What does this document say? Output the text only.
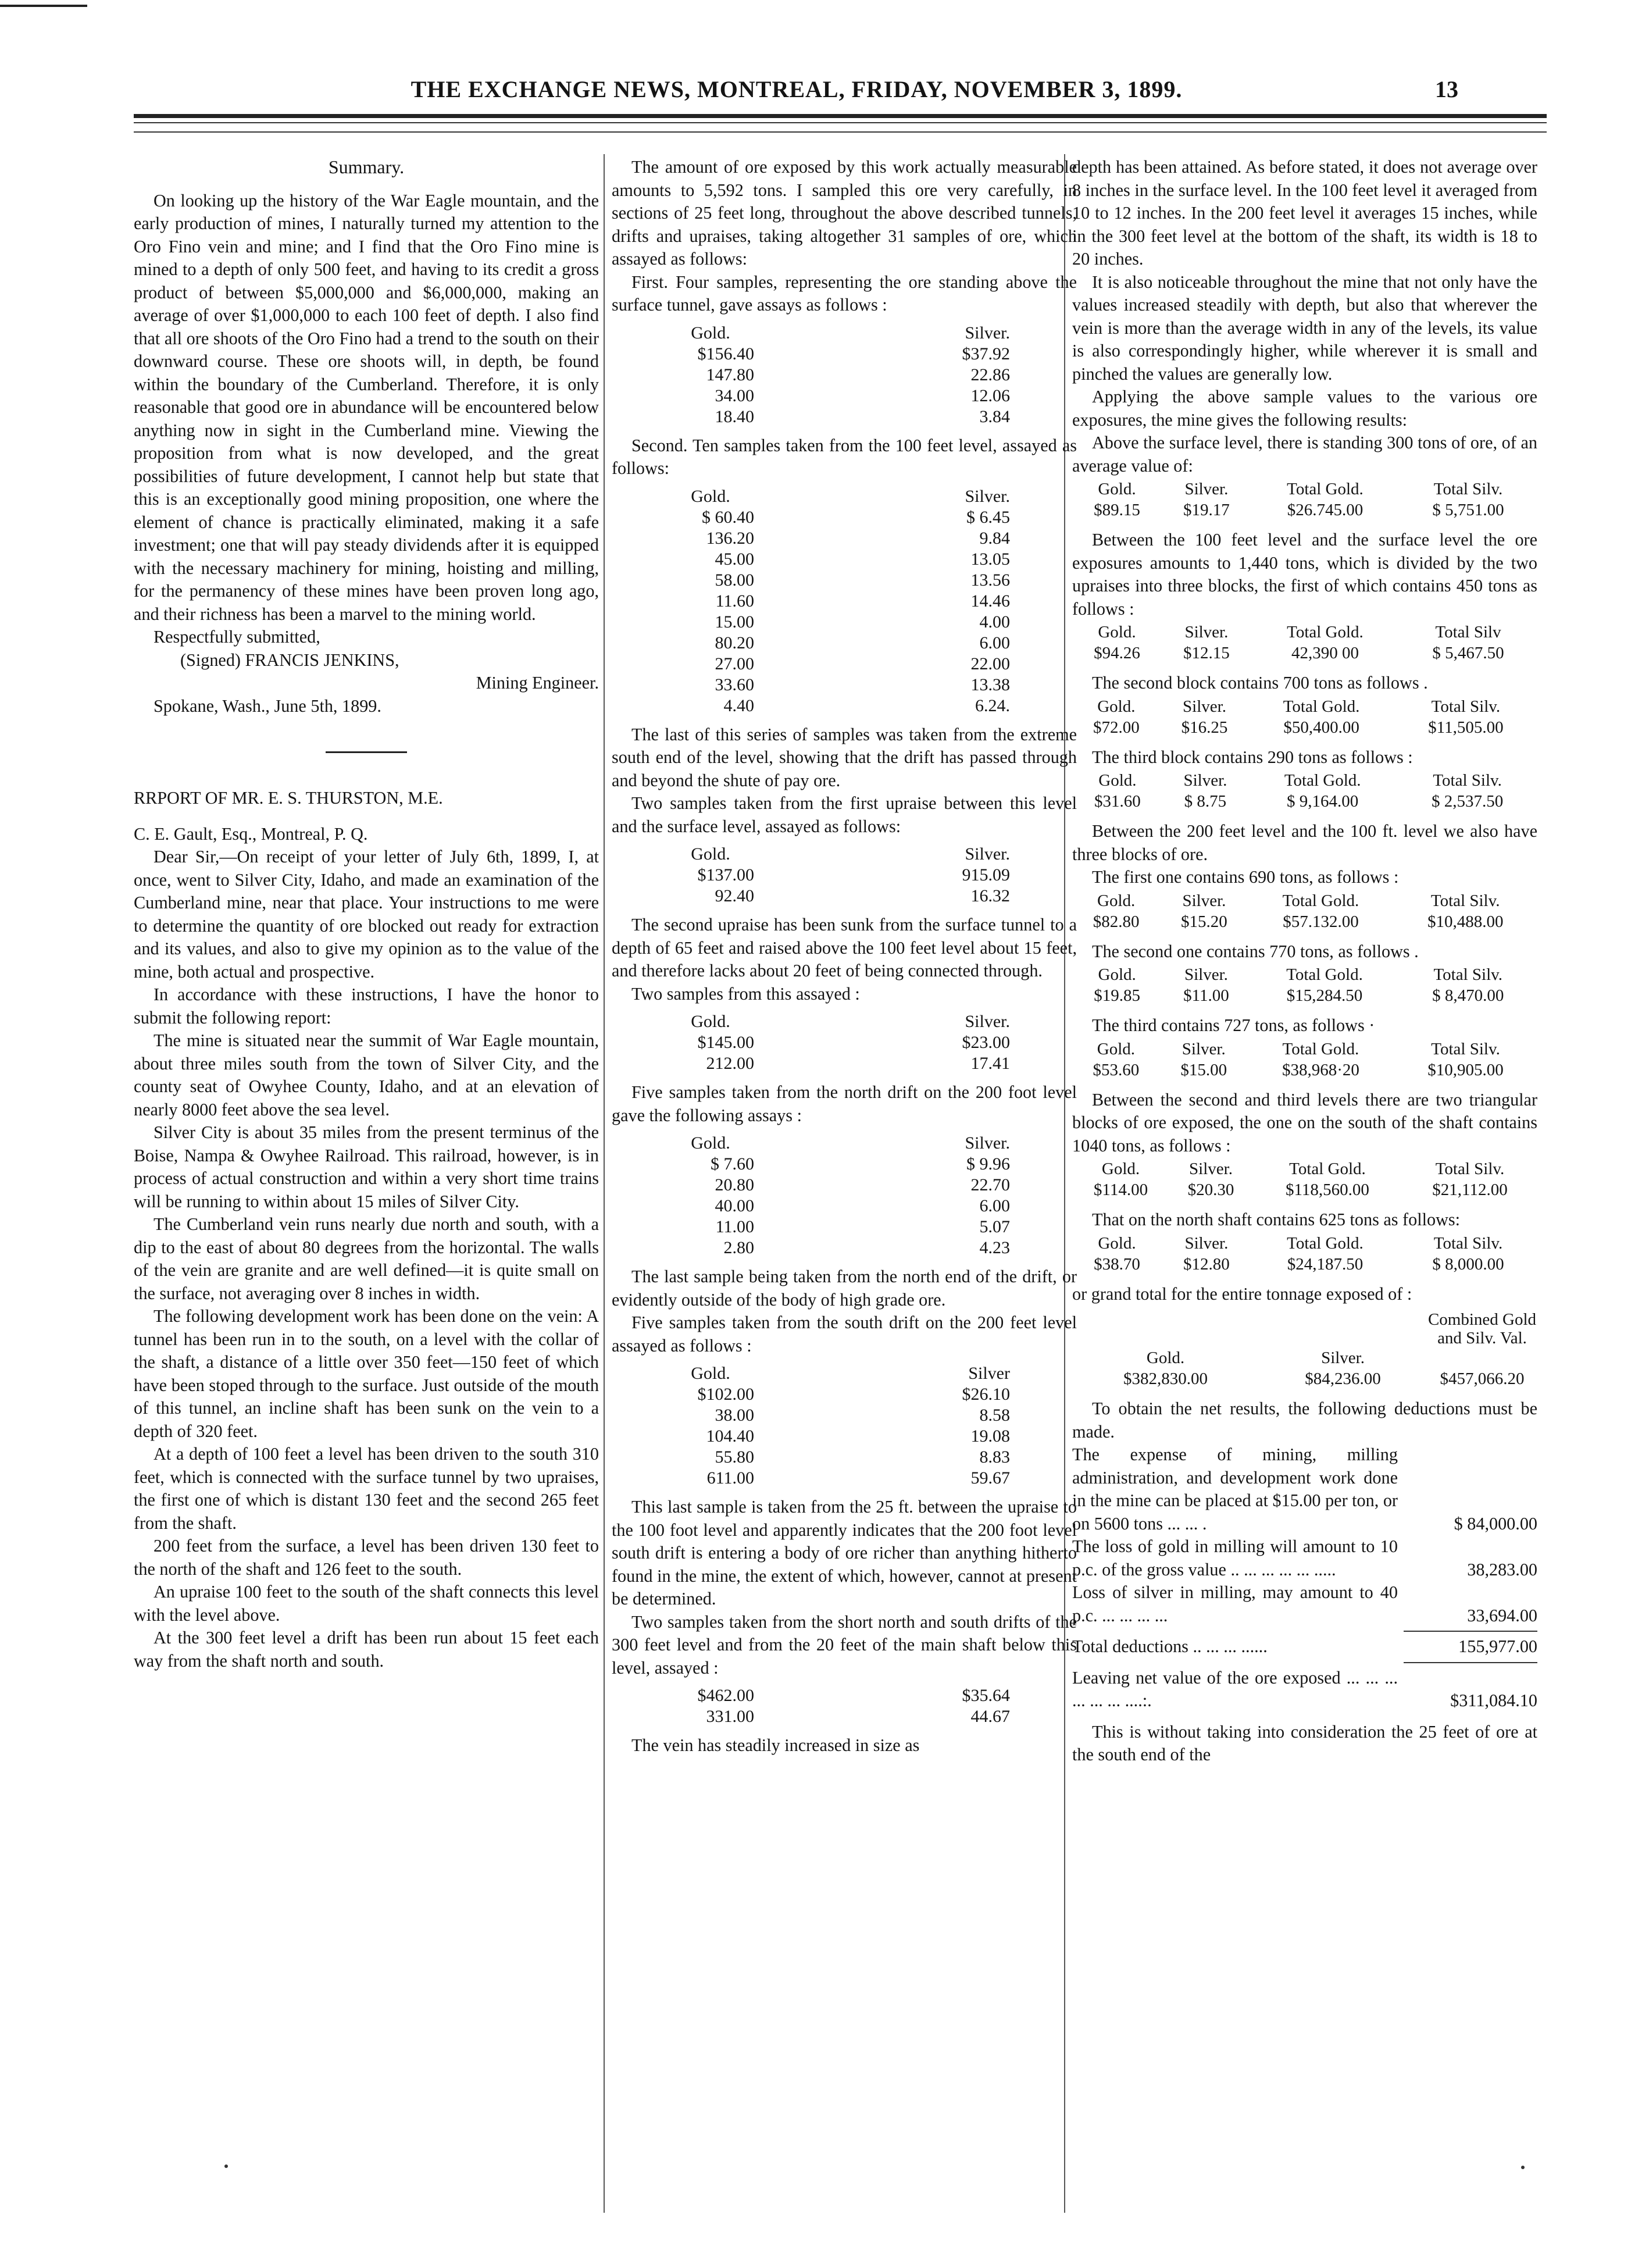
THE EXCHANGE NEWS, MONTREAL, FRIDAY, NOVEMBER 3, 1899.	13
Summary.

On looking up the history of the War Eagle mountain, and the early production of mines, I naturally turned my attention to the Oro Fino vein and mine; and I find that the Oro Fino mine is mined to a depth of only 500 feet, and having to its credit a gross product of between $5,000,000 and $6,000,000, making an average of over $1,000,000 to each 100 feet of depth. I also find that all ore shoots of the Oro Fino had a trend to the south on their downward course. These ore shoots will, in depth, be found within the boundary of the Cumberland. Therefore, it is only reasonable that good ore in abundance will be encountered below anything now in sight in the Cumberland mine. Viewing the proposition from what is now developed, and the great possibilities of future development, I cannot help but state that this is an exceptionally good mining proposition, one where the element of chance is practically eliminated, making it a safe investment; one that will pay steady dividends after it is equipped with the necessary machinery for mining, hoisting and milling, for the permanency of these mines have been proven long ago, and their richness has been a marvel to the mining world.

Respectfully submitted,

(Signed) FRANCIS JENKINS,

Mining Engineer.

Spokane, Wash., June 5th, 1899.

RRPORT OF MR. E. S. THURSTON, M.E.

C. E. Gault, Esq., Montreal, P. Q.

Dear Sir,—On receipt of your letter of July 6th, 1899, I, at once, went to Silver City, Idaho, and made an examination of the Cumberland mine, near that place. Your instructions to me were to determine the quantity of ore blocked out ready for extraction and its values, and also to give my opinion as to the value of the mine, both actual and prospective.

In accordance with these instructions, I have the honor to submit the following report:

The mine is situated near the summit of War Eagle mountain, about three miles south from the town of Silver City, and the county seat of Owyhee County, Idaho, and at an elevation of nearly 8000 feet above the sea level.

Silver City is about 35 miles from the present terminus of the Boise, Nampa & Owyhee Railroad. This railroad, however, is in process of actual construction and within a very short time trains will be running to within about 15 miles of Silver City.

The Cumberland vein runs nearly due north and south, with a dip to the east of about 80 degrees from the horizontal. The walls of the vein are granite and are well defined—it is quite small on the surface, not averaging over 8 inches in width.

The following development work has been done on the vein: A tunnel has been run in to the south, on a level with the collar of the shaft, a distance of a little over 350 feet—150 feet of which have been stoped through to the surface. Just outside of the mouth of this tunnel, an incline shaft has been sunk on the vein to a depth of 320 feet.

At a depth of 100 feet a level has been driven to the south 310 feet, which is connected with the surface tunnel by two upraises, the first one of which is distant 130 feet and the second 265 feet from the shaft.

200 feet from the surface, a level has been driven 130 feet to the north of the shaft and 126 feet to the south.

An upraise 100 feet to the south of the shaft connects this level with the level above.

At the 300 feet level a drift has been run about 15 feet each way from the shaft north and south.

The amount of ore exposed by this work actually measurable amounts to 5,592 tons. I sampled this ore very carefully, in sections of 25 feet long, throughout the above described tunnels, drifts and upraises, taking altogether 31 samples of ore, which assayed as follows:

First. Four samples, representing the ore standing above the surface tunnel, gave assays as follows :

Gold.	Silver.
$156.40	$37.92
147.80	22.86
34.00	12.06
18.40	3.84

Second. Ten samples taken from the 100 feet level, assayed as follows:

Gold.	Silver.
$ 60.40	$ 6.45
136.20	9.84
45.00	13.05
58.00	13.56
11.60	14.46
15.00	4.00
80.20	6.00
27.00	22.00
33.60	13.38
4.40	6.24.

The last of this series of samples was taken from the extreme south end of the level, showing that the drift has passed through and beyond the shute of pay ore.

Two samples taken from the first upraise between this level and the surface level, assayed as follows:

Gold.	Silver.
$137.00	915.09
92.40	16.32

The second upraise has been sunk from the surface tunnel to a depth of 65 feet and raised above the 100 feet level about 15 feet, and therefore lacks about 20 feet of being connected through.

Two samples from this assayed :

Gold.	Silver.
$145.00	$23.00
212.00	17.41

Five samples taken from the north drift on the 200 foot level gave the following assays :

Gold.	Silver.
$ 7.60	$ 9.96
20.80	22.70
40.00	6.00
11.00	5.07
2.80	4.23

The last sample being taken from the north end of the drift, or evidently outside of the body of high grade ore.

Five samples taken from the south drift on the 200 feet level assayed as follows :

Gold.	Silver
$102.00	$26.10
38.00	8.58
104.40	19.08
55.80	8.83
611.00	59.67

This last sample is taken from the 25 ft. between the upraise to the 100 foot level and apparently indicates that the 200 foot level south drift is entering a body of ore richer than anything hitherto found in the mine, the extent of which, however, cannot at present be determined.

Two samples taken from the short north and south drifts of the 300 feet level and from the 20 feet of the main shaft below this level, assayed :

$462.00	$35.64
331.00	44.67

The vein has steadily increased in size as

depth has been attained. As before stated, it does not average over 8 inches in the surface level. In the 100 feet level it averaged from 10 to 12 inches. In the 200 feet level it averages 15 inches, while in the 300 feet level at the bottom of the shaft, its width is 18 to 20 inches.

It is also noticeable throughout the mine that not only have the values increased steadily with depth, but also that wherever the vein is more than the average width in any of the levels, its value is also correspondingly higher, while wherever it is small and pinched the values are generally low.

Applying the above sample values to the various ore exposures, the mine gives the following results:

Above the surface level, there is standing 300 tons of ore, of an average value of:

Gold.	Silver.	Total Gold.	Total Silv.
$89.15	$19.17	$26.745.00	$ 5,751.00

Between the 100 feet level and the surface level the ore exposures amounts to 1,440 tons, which is divided by the two upraises into three blocks, the first of which contains 450 tons as follows :

Gold.	Silver.	Total Gold.	Total Silv
$94.26	$12.15	42,390 00	$ 5,467.50

The second block contains 700 tons as follows .

Gold.	Silver.	Total Gold.	Total Silv.
$72.00	$16.25	$50,400.00	$11,505.00

The third block contains 290 tons as follows :

Gold.	Silver.	Total Gold.	Total Silv.
$31.60	$ 8.75	$ 9,164.00	$ 2,537.50

Between the 200 feet level and the 100 ft. level we also have three blocks of ore.

The first one contains 690 tons, as follows :

Gold.	Silver.	Total Gold.	Total Silv.
$82.80	$15.20	$57.132.00	$10,488.00

The second one contains 770 tons, as follows .

Gold.	Silver.	Total Gold.	Total Silv.
$19.85	$11.00	$15,284.50	$ 8,470.00

The third contains 727 tons, as follows ·

Gold.	Silver.	Total Gold.	Total Silv.
$53.60	$15.00	$38,968·20	$10,905.00

Between the second and third levels there are two triangular blocks of ore exposed, the one on the south of the shaft contains 1040 tons, as follows :

Gold.	Silver.	Total Gold.	Total Silv.
$114.00	$20.30	$118,560.00	$21,112.00

That on the north shaft contains 625 tons as follows:

Gold.	Silver.	Total Gold.	Total Silv.
$38.70	$12.80	$24,187.50	$ 8,000.00

or grand total for the entire tonnage exposed of :

		Combined Gold and Silv. Val.
Gold.	Silver.	
$382,830.00	$84,236.00	$457,066.20

To obtain the net results, the following deductions must be made.

The expense of mining, milling administration, and development work done in the mine can be placed at $15.00 per ton, or on 5600 tons ... ... .	$ 84,000.00
The loss of gold in milling will amount to 10 p.c. of the gross value .. ... ... ... ... .....	38,283.00
Loss of silver in milling, may amount to 40 p.c. ... ... ... ...	33,694.00
Total deductions .. ... ... ......	155,977.00
Leaving net value of the ore exposed ... ... ... ... ... ... ....:.	$311,084.10

This is without taking into consideration the 25 feet of ore at the south end of the
